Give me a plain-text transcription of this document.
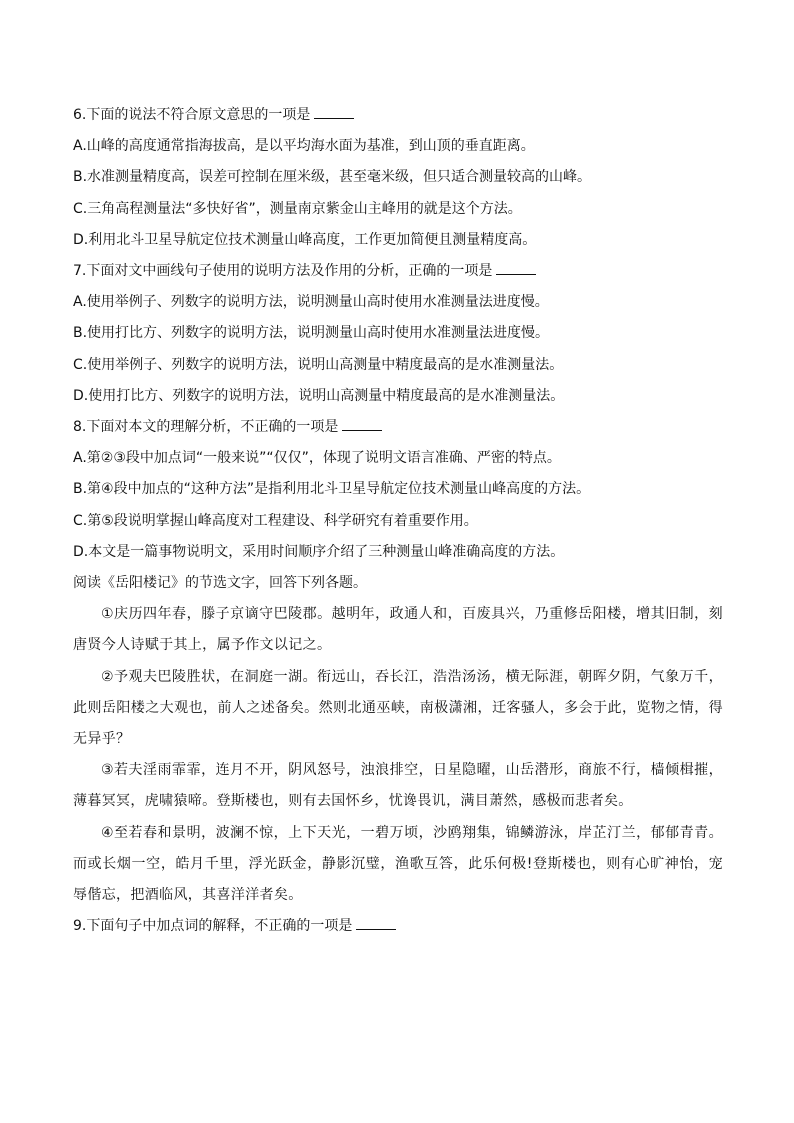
6.下面的说法不符合原文意思的一项是

A.山峰的高度通常指海拔高，是以平均海水面为基准，到山顶的垂直距离。

B.水准测量精度高，误差可控制在厘米级，甚至毫米级，但只适合测量较高的山峰。

C.三角高程测量法“多快好省”，测量南京紫金山主峰用的就是这个方法。

D.利用北斗卫星导航定位技术测量山峰高度，工作更加简便且测量精度高。

7.下面对文中画线句子使用的说明方法及作用的分析，正确的一项是

A.使用举例子、列数字的说明方法，说明测量山高时使用水准测量法进度慢。

B.使用打比方、列数字的说明方法，说明测量山高时使用水准测量法进度慢。

C.使用举例子、列数字的说明方法，说明山高测量中精度最高的是水准测量法。

D.使用打比方、列数字的说明方法，说明山高测量中精度最高的是水准测量法。

8.下面对本文的理解分析，不正确的一项是

A.第②③段中加点词“一般来说”“仅仅”，体现了说明文语言准确、严密的特点。

B.第④段中加点的“这种方法”是指利用北斗卫星导航定位技术测量山峰高度的方法。

C.第⑤段说明掌握山峰高度对工程建设、科学研究有着重要作用。

D.本文是一篇事物说明文，采用时间顺序介绍了三种测量山峰准确高度的方法。

阅读《岳阳楼记》的节选文字，回答下列各题。

①庆历四年春，滕子京谪守巴陵郡。越明年，政通人和，百废具兴，乃重修岳阳楼，增其旧制，刻唐贤今人诗赋于其上，属予作文以记之。

②予观夫巴陵胜状，在洞庭一湖。衔远山，吞长江，浩浩汤汤，横无际涯，朝晖夕阴，气象万千，此则岳阳楼之大观也，前人之述备矣。然则北通巫峡，南极潇湘，迁客骚人，多会于此，览物之情，得无异乎？

③若夫淫雨霏霏，连月不开，阴风怒号，浊浪排空，日星隐曜，山岳潜形，商旅不行，樯倾楫摧，薄暮冥冥，虎啸猿啼。登斯楼也，则有去国怀乡，忧谗畏讥，满目萧然，感极而悲者矣。

④至若春和景明，波澜不惊，上下天光，一碧万顷，沙鸥翔集，锦鳞游泳，岸芷汀兰，郁郁青青。而或长烟一空，皓月千里，浮光跃金，静影沉璧，渔歌互答，此乐何极!登斯楼也，则有心旷神怡，宠辱偕忘，把酒临风，其喜洋洋者矣。

9.下面句子中加点词的解释，不正确的一项是
